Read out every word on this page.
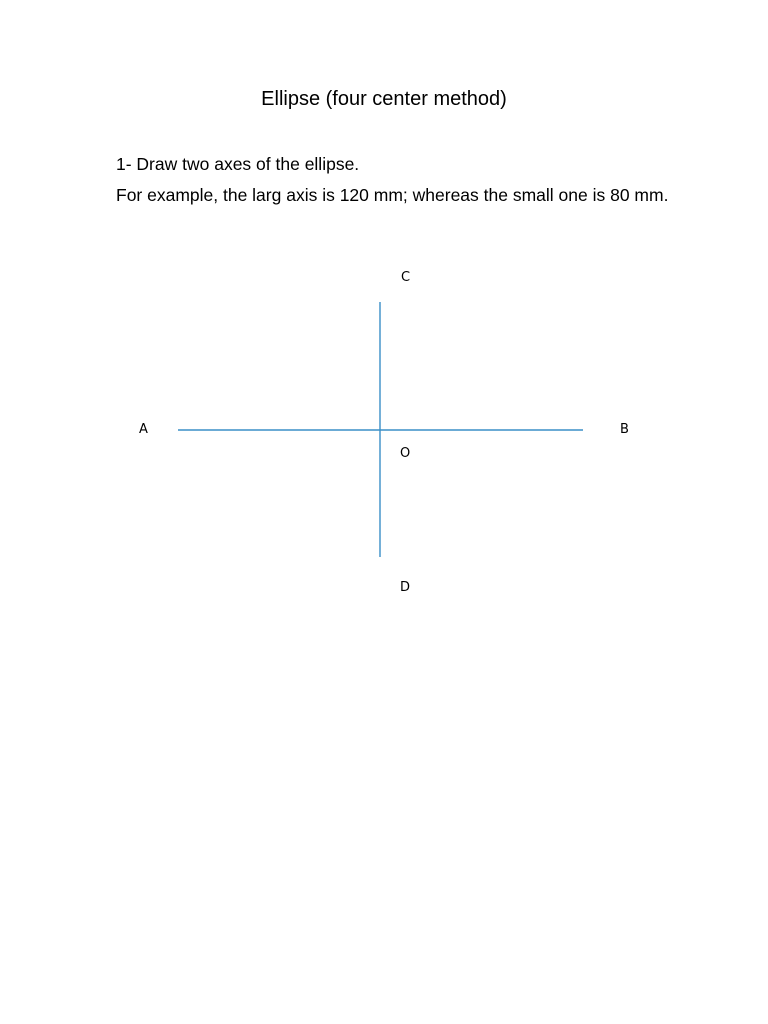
Ellipse (four center method)
1- Draw two axes of the ellipse.
For example, the larg axis is 120 mm; whereas the small one is 80 mm.
C
A	B
O
D
